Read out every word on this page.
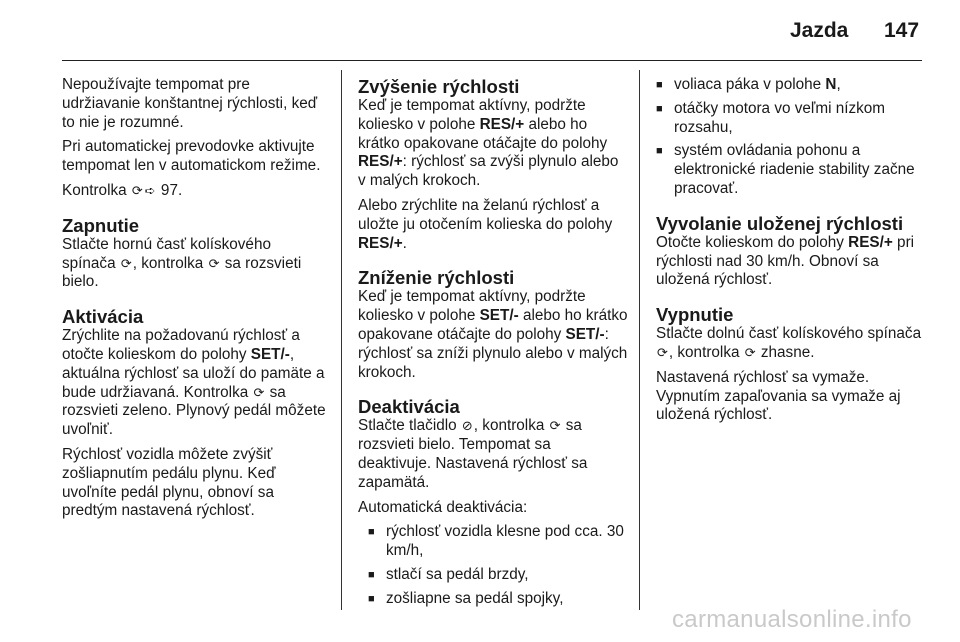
Jazda 147

Nepoužívajte tempomat pre udržiavanie konštantnej rýchlosti, keď to nie je rozumné.

Pri automatickej prevodovke aktivujte tempomat len v automatickom režime.

Kontrolka ⟳ ➪ 97.

Zapnutie

Stlačte hornú časť kolískového spínača ⟳, kontrolka ⟳ sa rozsvieti bielo.

Aktivácia

Zrýchlite na požadovanú rýchlosť a otočte kolieskom do polohy SET/-, aktuálna rýchlosť sa uloží do pamäte a bude udržiavaná. Kontrolka ⟳ sa rozsvieti zeleno. Plynový pedál môžete uvoľniť.

Rýchlosť vozidla môžete zvýšiť zošliapnutím pedálu plynu. Keď uvoľníte pedál plynu, obnoví sa predtým nastavená rýchlosť.

Zvýšenie rýchlosti

Keď je tempomat aktívny, podržte koliesko v polohe RES/+ alebo ho krátko opakovane otáčajte do polohy RES/+: rýchlosť sa zvýši plynulo alebo v malých krokoch.

Alebo zrýchlite na želanú rýchlosť a uložte ju otočením kolieska do polohy RES/+.

Zníženie rýchlosti

Keď je tempomat aktívny, podržte koliesko v polohe SET/- alebo ho krátko opakovane otáčajte do polohy SET/-: rýchlosť sa zníži plynulo alebo v malých krokoch.

Deaktivácia

Stlačte tlačidlo ⊘, kontrolka ⟳ sa rozsvieti bielo. Tempomat sa deaktivuje. Nastavená rýchlosť sa zapamätá.

Automatická deaktivácia:

■ rýchlosť vozidla klesne pod cca. 30 km/h,
■ stlačí sa pedál brzdy,
■ zošliapne sa pedál spojky,
■ voliaca páka v polohe N,
■ otáčky motora vo veľmi nízkom rozsahu,
■ systém ovládania pohonu a elektronické riadenie stability začne pracovať.
Vyvolanie uloženej rýchlosti

Otočte kolieskom do polohy RES/+ pri rýchlosti nad 30 km/h. Obnoví sa uložená rýchlosť.

Vypnutie

Stlačte dolnú časť kolískového spínača ⟳, kontrolka ⟳ zhasne.

Nastavená rýchlosť sa vymaže. Vypnutím zapaľovania sa vymaže aj uložená rýchlosť.

carmanualsonline.info
